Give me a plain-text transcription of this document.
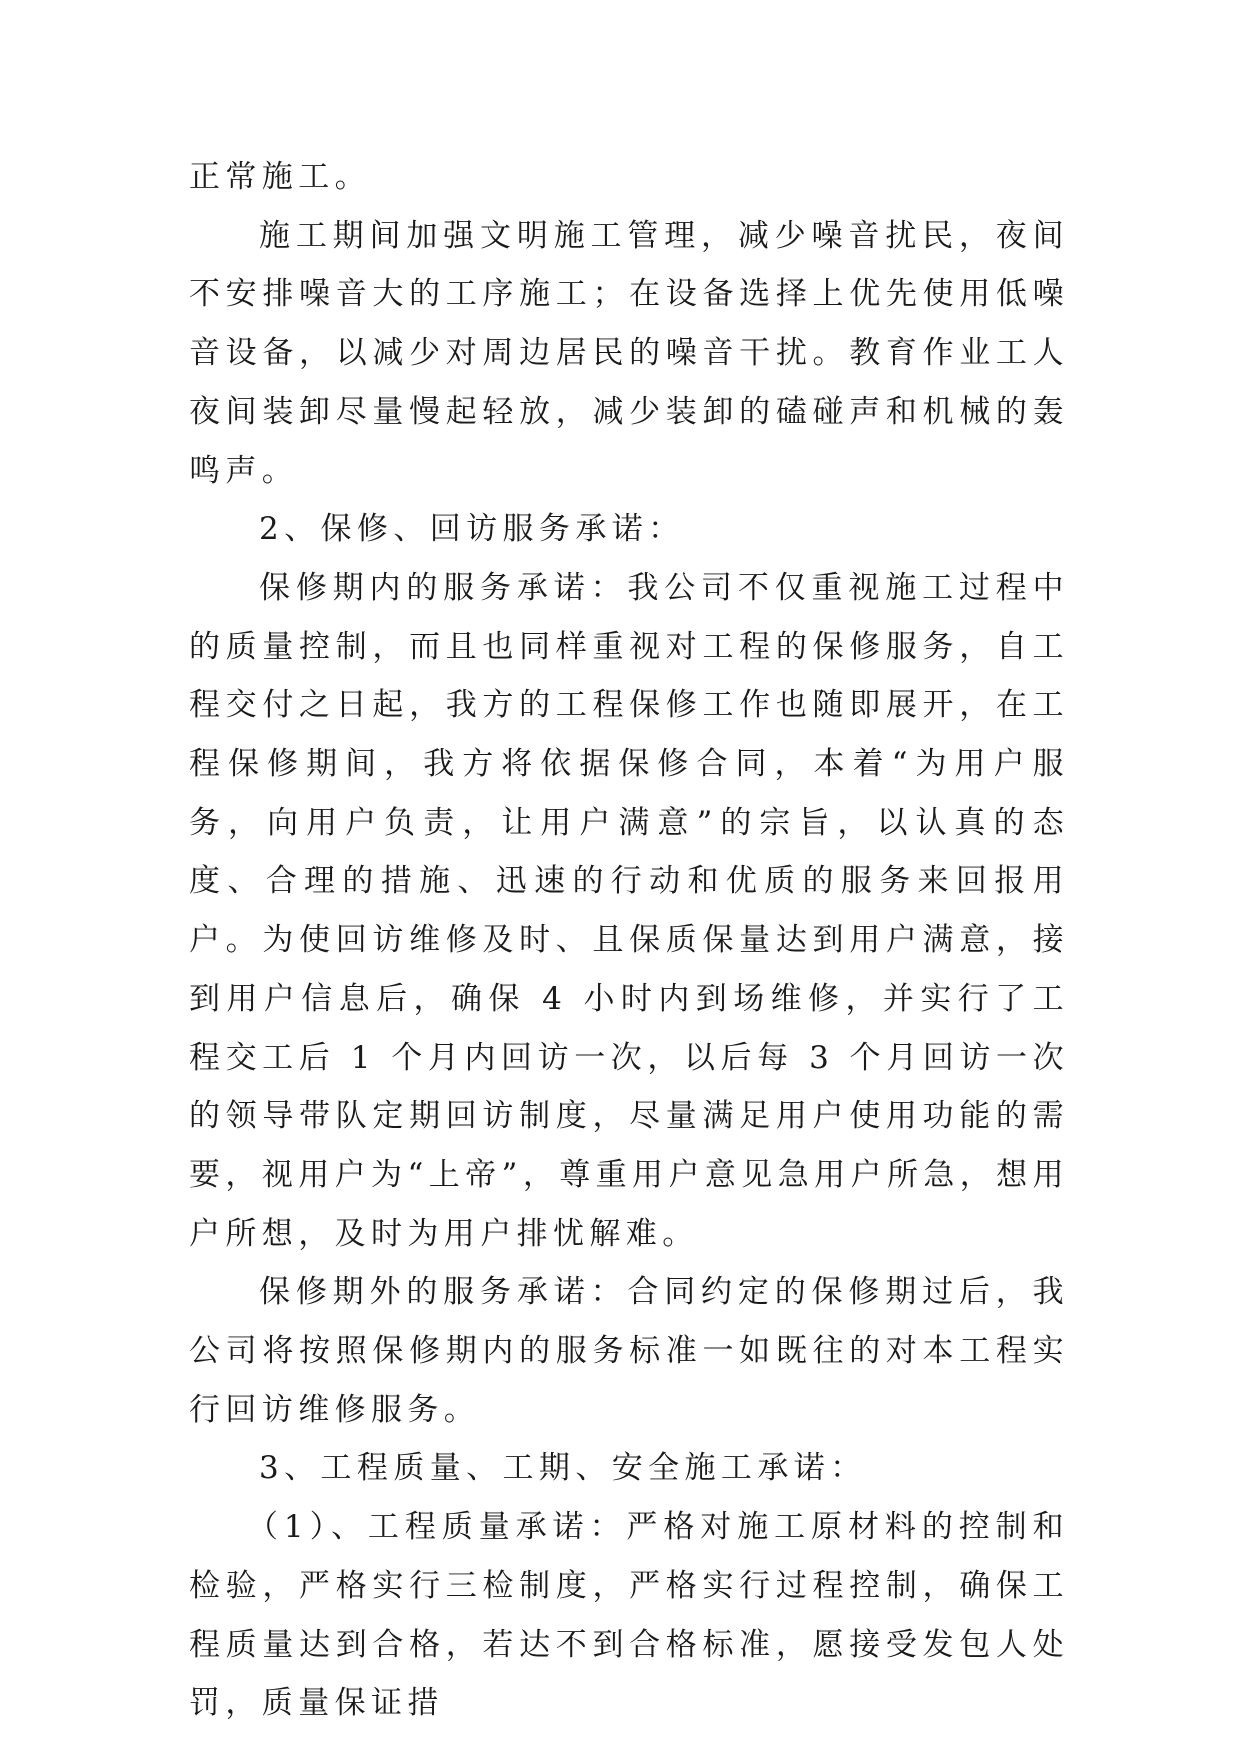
正常施工。

施工期间加强文明施工管理，减少噪音扰民，夜间不安排噪音大的工序施工；在设备选择上优先使用低噪音设备，以减少对周边居民的噪音干扰。教育作业工人夜间装卸尽量慢起轻放，减少装卸的磕碰声和机械的轰鸣声。

2、保修、回访服务承诺：

保修期内的服务承诺：我公司不仅重视施工过程中的质量控制，而且也同样重视对工程的保修服务，自工程交付之日起，我方的工程保修工作也随即展开，在工程保修期间，我方将依据保修合同，本着“为用户服务，向用户负责，让用户满意”的宗旨，以认真的态度、合理的措施、迅速的行动和优质的服务来回报用户。为使回访维修及时、且保质保量达到用户满意，接到用户信息后，确保 4 小时内到场维修，并实行了工程交工后 1 个月内回访一次，以后每 3 个月回访一次的领导带队定期回访制度，尽量满足用户使用功能的需要，视用户为“上帝”，尊重用户意见急用户所急，想用户所想，及时为用户排忧解难。

保修期外的服务承诺：合同约定的保修期过后，我公司将按照保修期内的服务标准一如既往的对本工程实行回访维修服务。

3、工程质量、工期、安全施工承诺：

（1）、工程质量承诺：严格对施工原材料的控制和检验，严格实行三检制度，严格实行过程控制，确保工程质量达到合格，若达不到合格标准，愿接受发包人处罚，质量保证措
